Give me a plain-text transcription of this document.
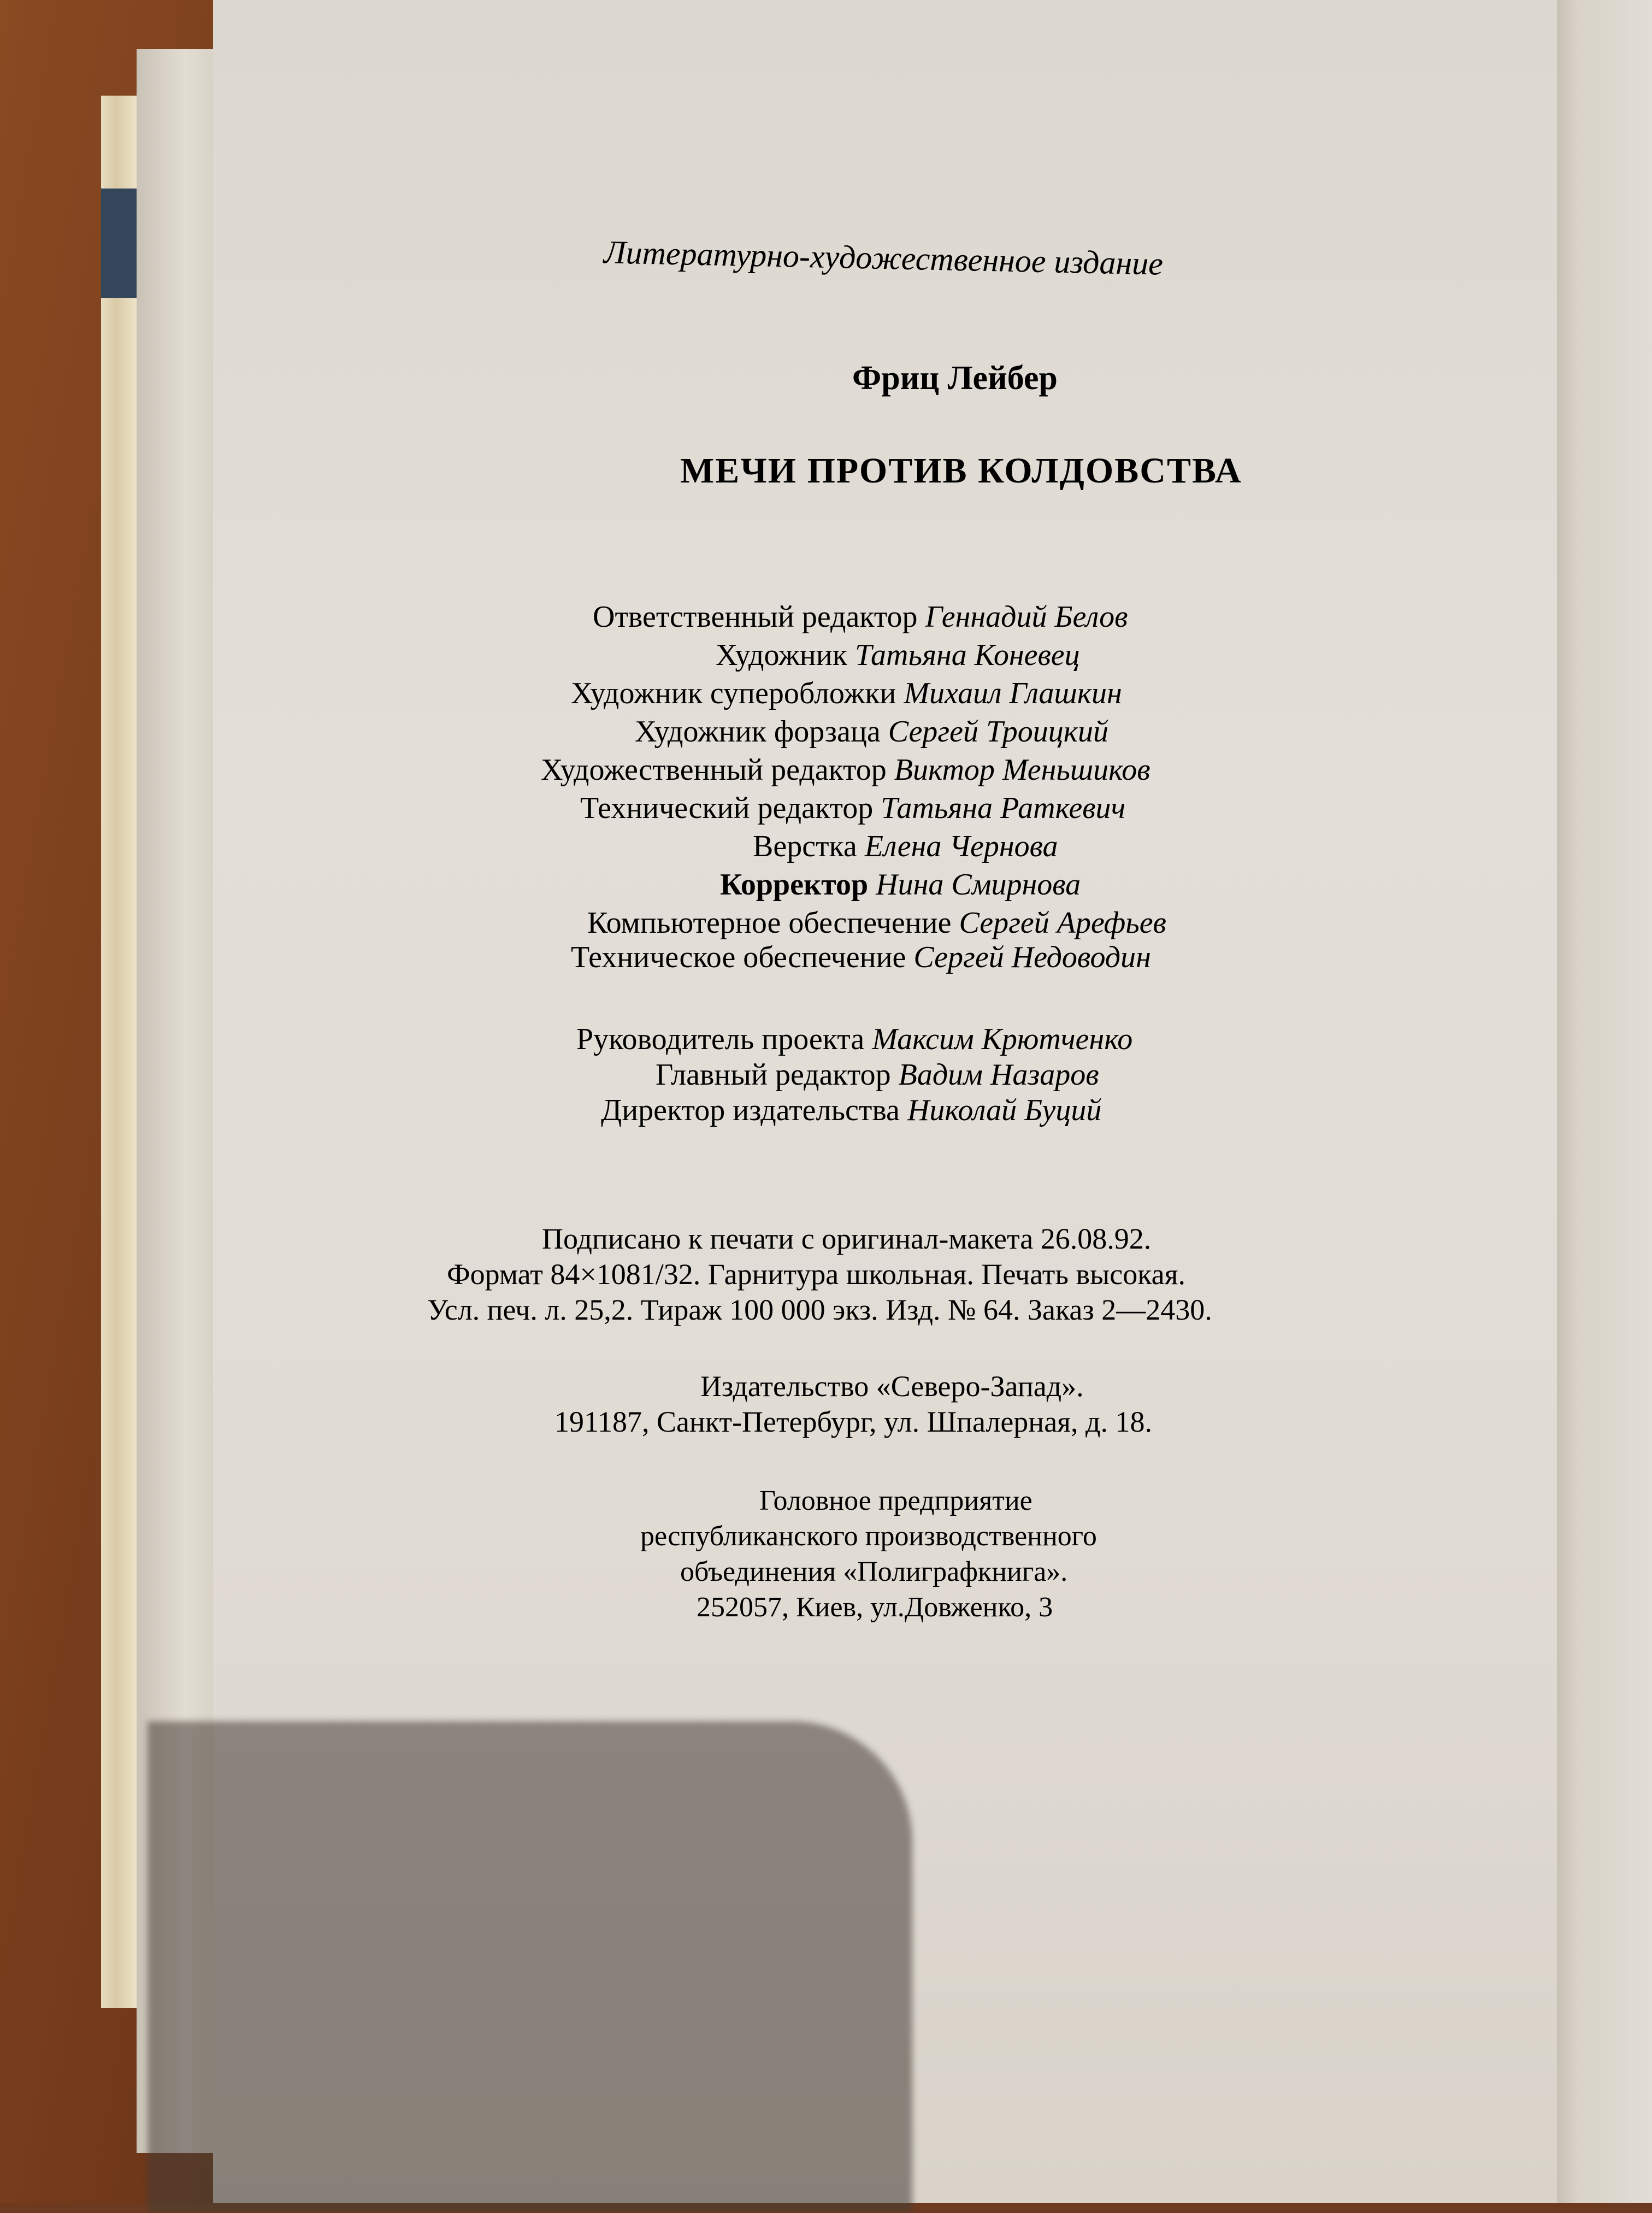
Литературно-художественное издание
Фриц Лейбер
МЕЧИ ПРОТИВ КОЛДОВСТВА
Ответственный редактор Геннадий Белов
Художник Татьяна Коневец
Художник суперобложки Михаил Глашкин
Художник форзаца Сергей Троицкий
Художественный редактор Виктор Меньшиков
Технический редактор Татьяна Раткевич
Верстка Елена Чернова
Корректор Нина Смирнова
Компьютерное обеспечение Сергей Арефьев
Техническое обеспечение Сергей Недоводин
Руководитель проекта Максим Крютченко
Главный редактор Вадим Назаров
Директор издательства Николай Буций
Подписано к печати с оригинал-макета 26.08.92.
Формат 84×1081/32. Гарнитура школьная. Печать высокая.
Усл. печ. л. 25,2. Тираж 100 000 экз. Изд. № 64. Заказ 2—2430.
Издательство «Северо-Запад».
191187, Санкт-Петербург, ул. Шпалерная, д. 18.
Головное предприятие
республиканского производственного
объединения «Полиграфкнига».
252057, Киев, ул.Довженко, 3
